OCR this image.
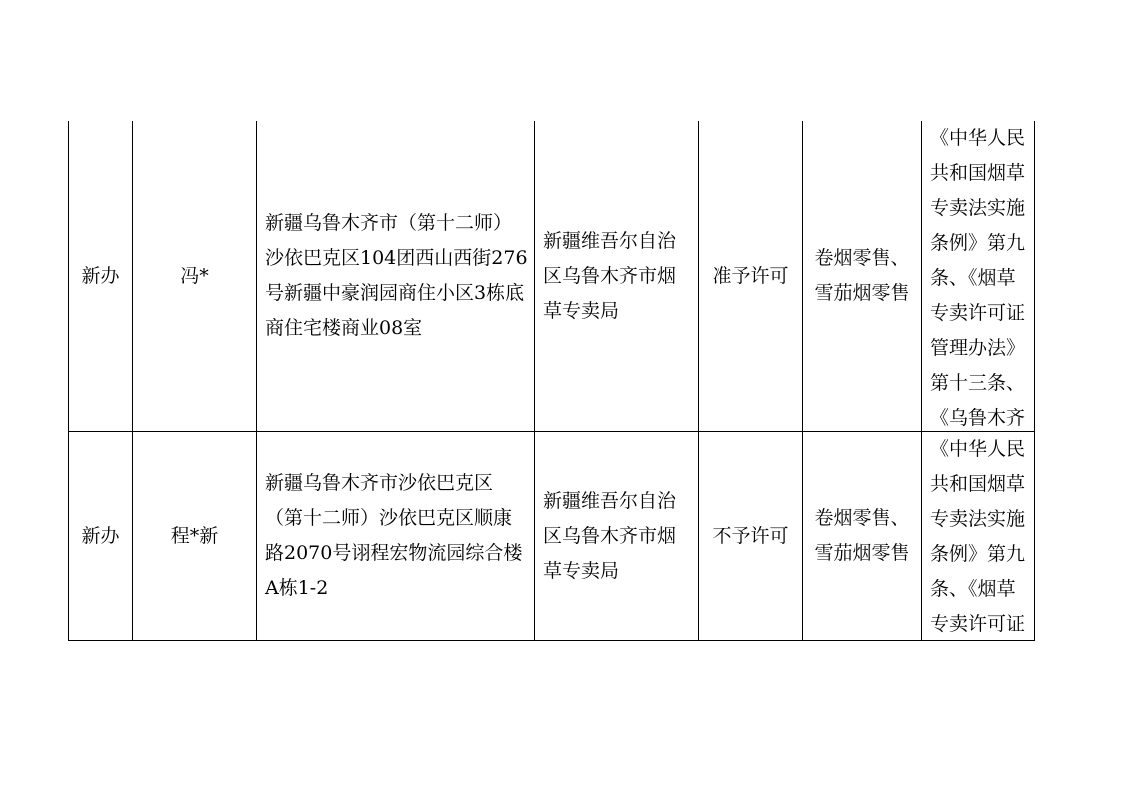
新办	冯*	新疆乌鲁木齐市（第十二师）沙依巴克区104团西山西街276号新疆中豪润园商住小区3栋底商住宅楼商业08室	新疆维吾尔自治区乌鲁木齐市烟草专卖局	准予许可	卷烟零售、雪茄烟零售	《中华人民共和国烟草专卖法实施条例》第九条、《烟草专卖许可证管理办法》第十三条、《乌鲁木齐

新办	程*新	新疆乌鲁木齐市沙依巴克区（第十二师）沙依巴克区顺康路2070号诩程宏物流园综合楼A栋1-2	新疆维吾尔自治区乌鲁木齐市烟草专卖局	不予许可	卷烟零售、雪茄烟零售	《中华人民共和国烟草专卖法实施条例》第九条、《烟草专卖许可证
